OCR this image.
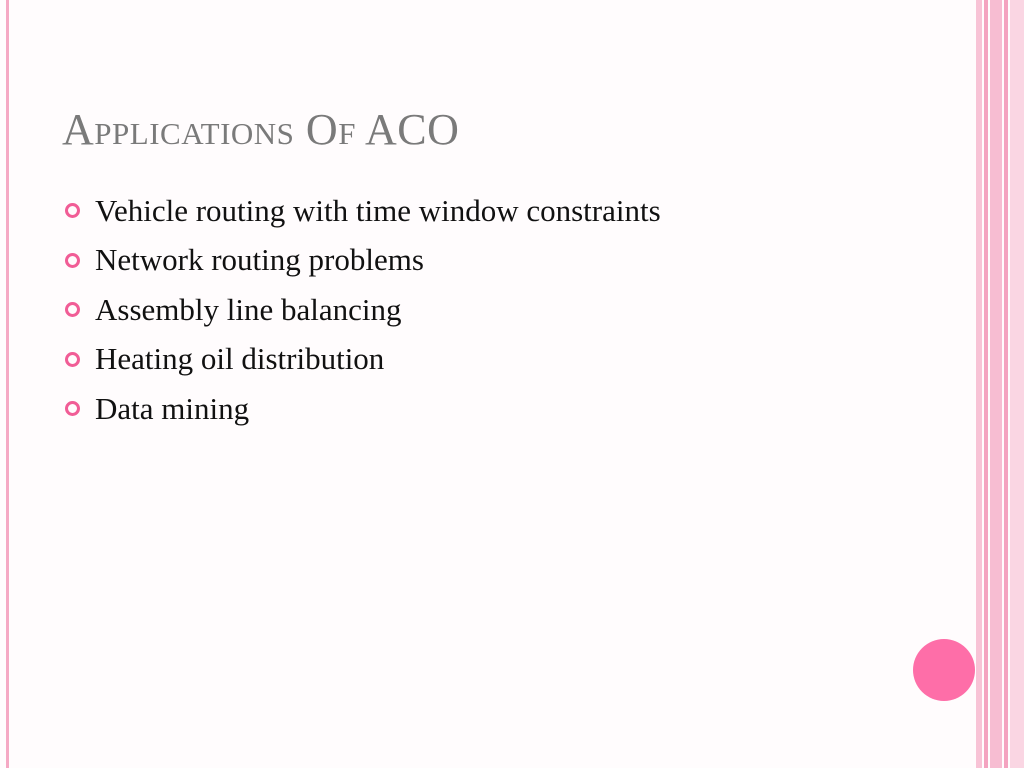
Applications Of ACO
Vehicle routing with time window constraints
Network routing problems
Assembly line balancing
Heating oil distribution
Data mining
